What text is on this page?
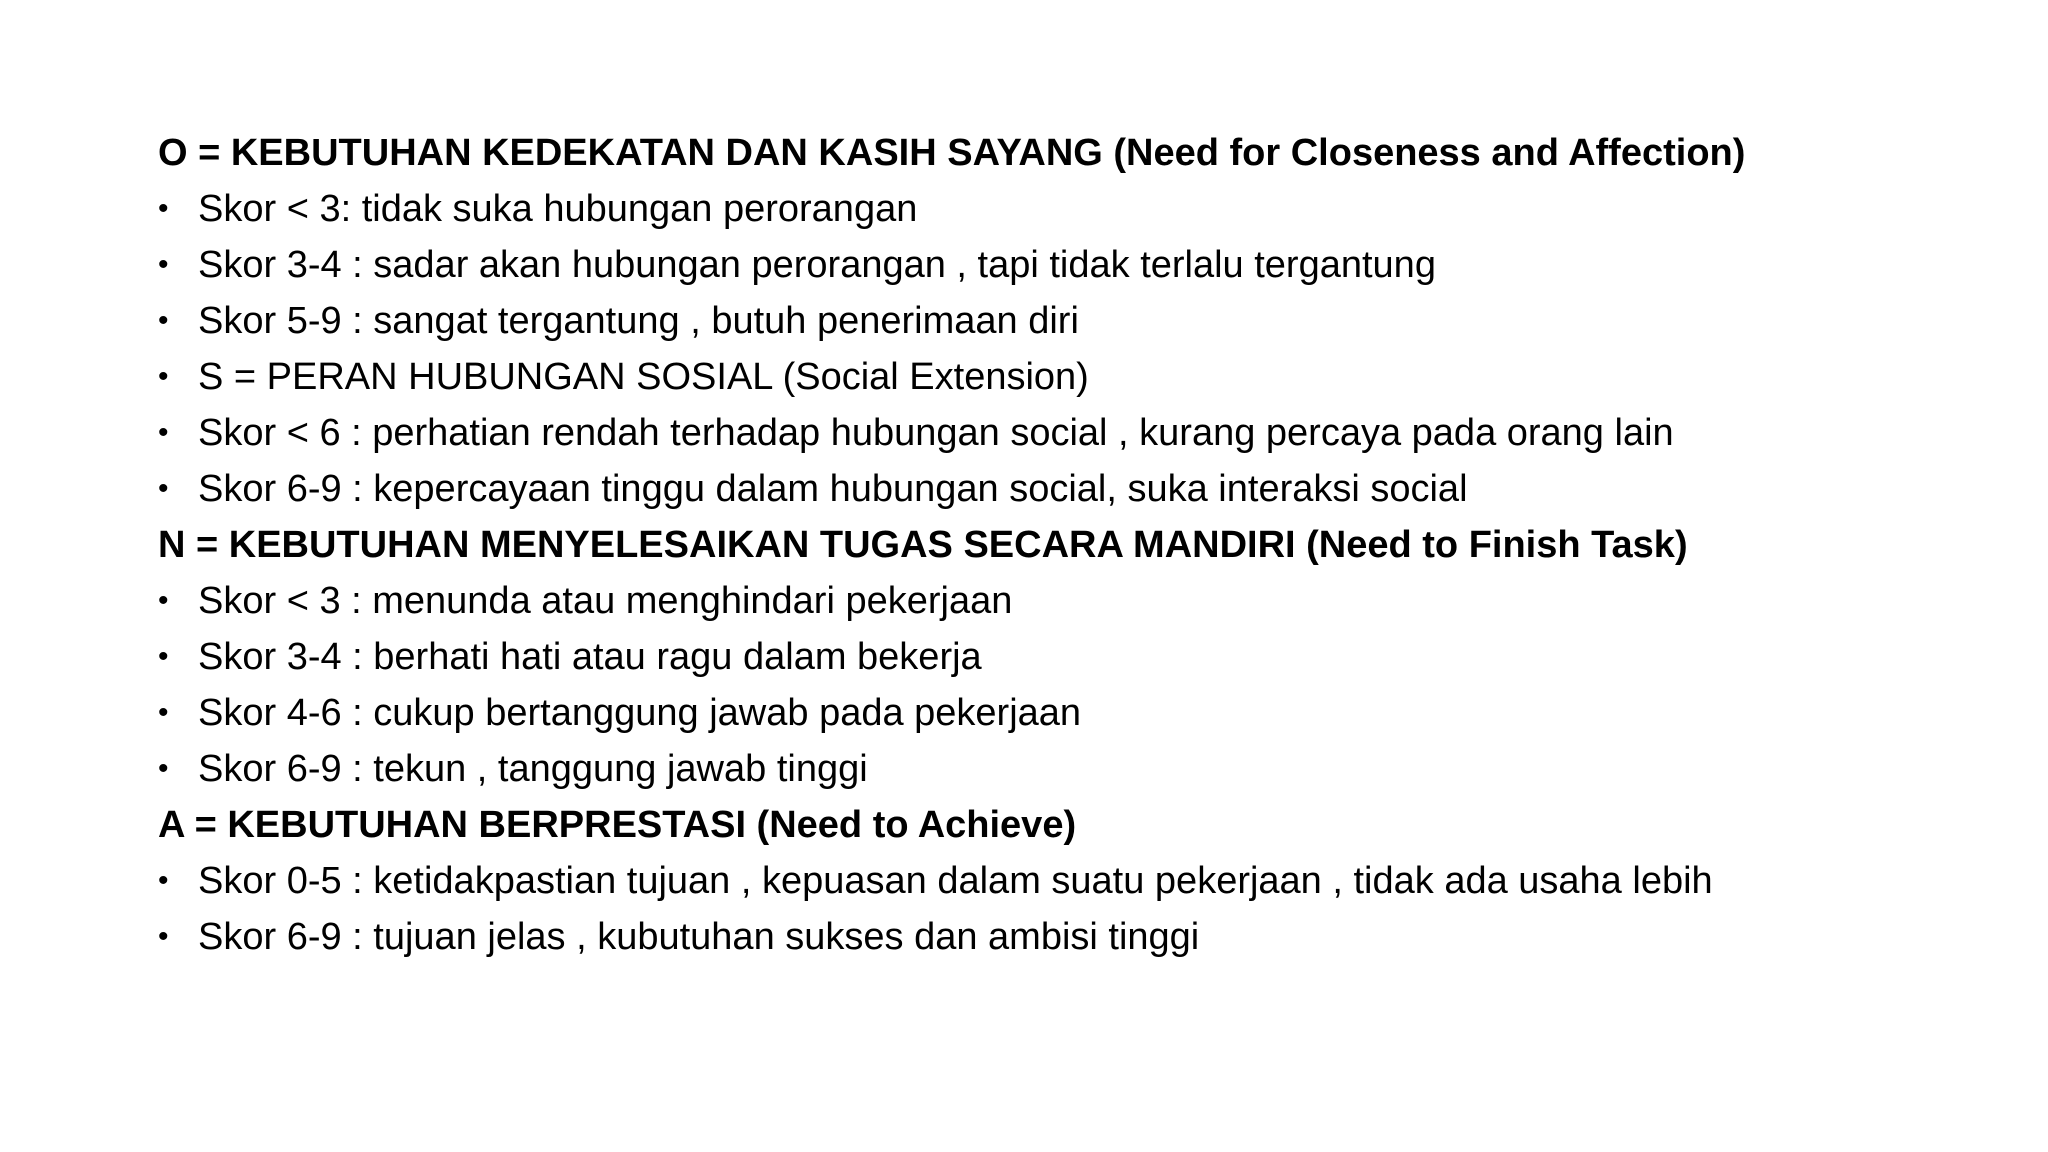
O = KEBUTUHAN KEDEKATAN DAN KASIH SAYANG (Need for Closeness and Affection)
• Skor < 3: tidak suka hubungan perorangan
• Skor 3-4 : sadar akan hubungan perorangan , tapi tidak terlalu tergantung
• Skor 5-9 : sangat tergantung , butuh penerimaan diri
• S = PERAN HUBUNGAN SOSIAL (Social Extension)
• Skor < 6 : perhatian rendah terhadap hubungan social , kurang percaya pada orang lain
• Skor 6-9 : kepercayaan tinggu dalam hubungan social, suka interaksi social
N = KEBUTUHAN MENYELESAIKAN TUGAS SECARA MANDIRI (Need to Finish Task)
• Skor < 3 : menunda atau menghindari pekerjaan
• Skor 3-4 : berhati hati atau ragu dalam bekerja
• Skor 4-6 : cukup bertanggung jawab pada pekerjaan
• Skor 6-9 : tekun , tanggung jawab tinggi
A = KEBUTUHAN BERPRESTASI (Need to Achieve)
• Skor 0-5 : ketidakpastian tujuan , kepuasan dalam suatu pekerjaan , tidak ada usaha lebih
• Skor 6-9 : tujuan jelas , kubutuhan sukses dan ambisi tinggi
